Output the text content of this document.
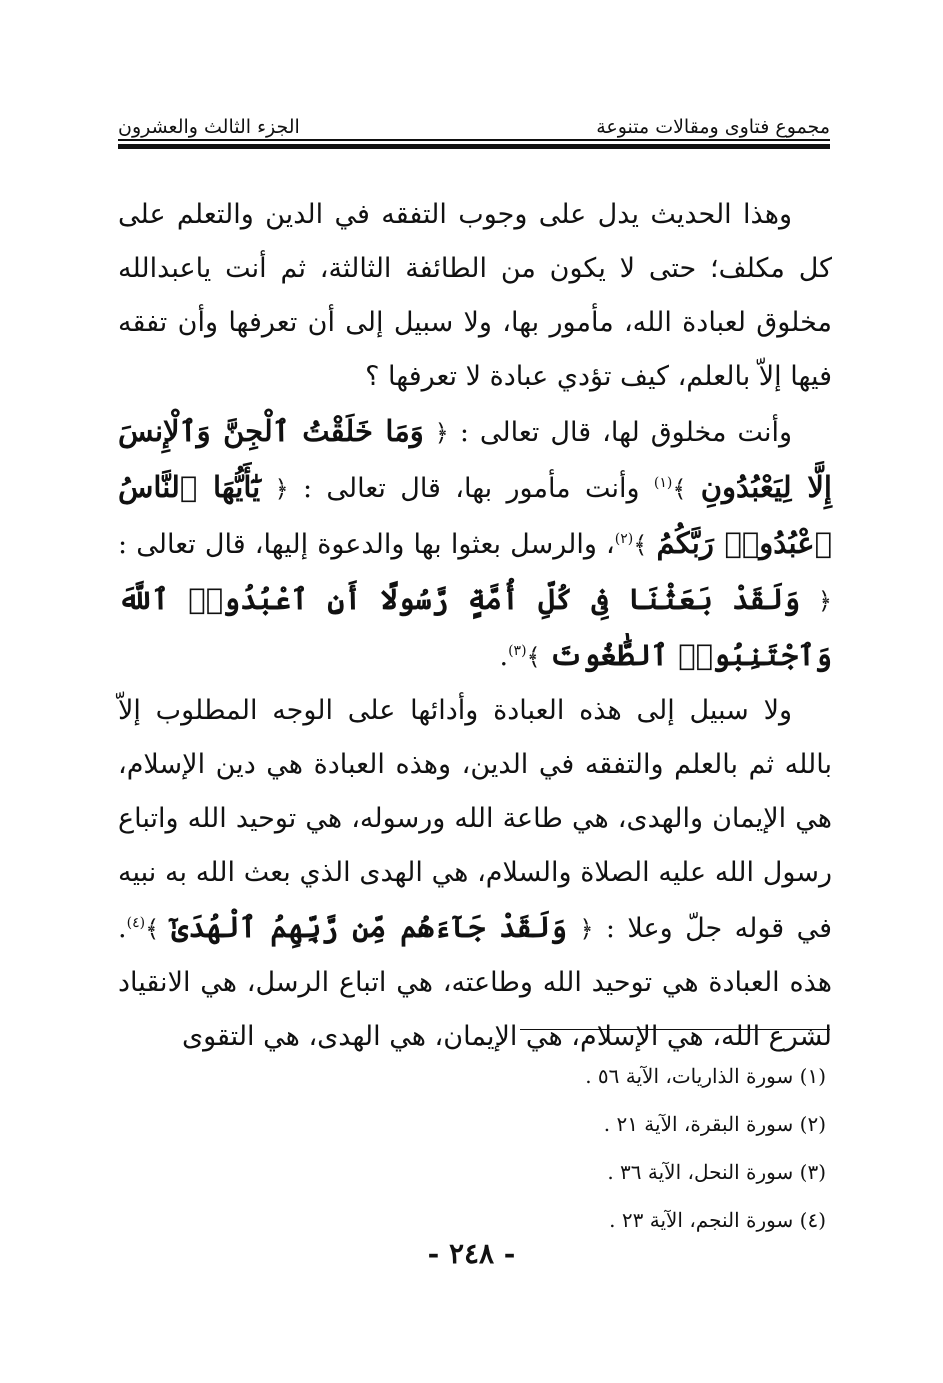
مجموع فتاوى ومقالات متنوعة
الجزء الثالث والعشرون

وهذا الحديث يدل على وجوب التفقه في الدين والتعلم على كل مكلف؛ حتى لا يكون من الطائفة الثالثة، ثم أنت ياعبدالله مخلوق لعبادة الله، مأمور بها، ولا سبيل إلى أن تعرفها وأن تفقه فيها إلاّ بالعلم، كيف تؤدي عبادة لا تعرفها ؟

وأنت مخلوق لها، قال تعالى : ﴿ وَمَا خَلَقْتُ ٱلْجِنَّ وَٱلْإِنسَ إِلَّا لِيَعْبُدُونِ ﴾$^{(١)}$ وأنت مأمور بها، قال تعالى : ﴿ يَٰٓأَيُّهَا ٱلنَّاسُ ٱعْبُدُوا۟ رَبَّكُمُ ﴾$^{(٢)}$، والرسل بعثوا بها والدعوة إليها، قال تعالى : ﴿ وَلَقَدْ بَعَثْنَا فِى كُلِّ أُمَّةٍ رَّسُولًا أَنِ ٱعْبُدُوا۟ ٱللَّهَ وَٱجْتَنِبُوا۟ ٱلطَّٰغُوتَ ﴾$^{(٣)}$.

ولا سبيل إلى هذه العبادة وأدائها على الوجه المطلوب إلاّ بالله ثم بالعلم والتفقه في الدين، وهذه العبادة هي دين الإسلام، هي الإيمان والهدى، هي طاعة الله ورسوله، هي توحيد الله واتباع رسول الله عليه الصلاة والسلام، هي الهدى الذي بعث الله به نبيه في قوله جلّ وعلا : ﴿ وَلَقَدْ جَآءَهُم مِّن رَّبِّهِمُ ٱلْهُدَىٰٓ ﴾$^{(٤)}$. هذه العبادة هي توحيد الله وطاعته، هي اتباع الرسل، هي الانقياد لشرع الله، هي الإسلام، هي الإيمان، هي الهدى، هي التقوى

(١) سورة الذاريات، الآية ٥٦ .
(٢) سورة البقرة، الآية ٢١ .
(٣) سورة النحل، الآية ٣٦ .
(٤) سورة النجم، الآية ٢٣ .
- ٢٤٨ -
